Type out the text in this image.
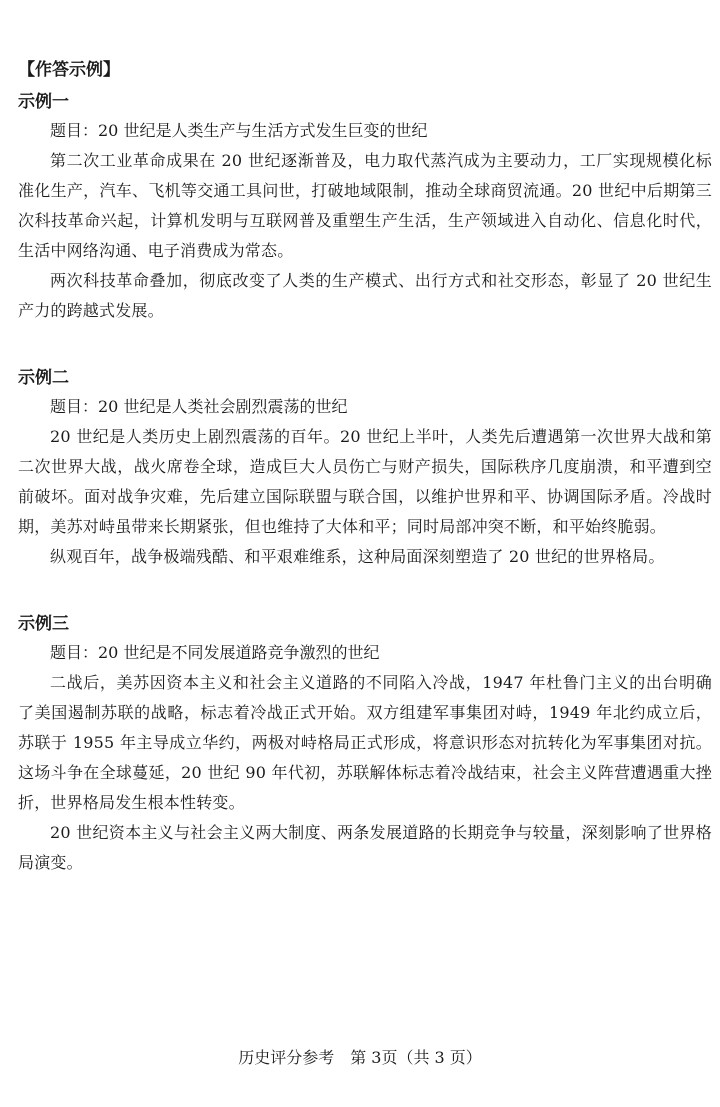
【作答示例】

示例一

题目：20 世纪是人类生产与生活方式发生巨变的世纪

第二次工业革命成果在 20 世纪逐渐普及，电力取代蒸汽成为主要动力，工厂实现规模化标准化生产，汽车、飞机等交通工具问世，打破地域限制，推动全球商贸流通。20 世纪中后期第三次科技革命兴起，计算机发明与互联网普及重塑生产生活，生产领域进入自动化、信息化时代，生活中网络沟通、电子消费成为常态。

两次科技革命叠加，彻底改变了人类的生产模式、出行方式和社交形态，彰显了 20 世纪生产力的跨越式发展。

示例二

题目：20 世纪是人类社会剧烈震荡的世纪

20 世纪是人类历史上剧烈震荡的百年。20 世纪上半叶，人类先后遭遇第一次世界大战和第二次世界大战，战火席卷全球，造成巨大人员伤亡与财产损失，国际秩序几度崩溃，和平遭到空前破坏。面对战争灾难，先后建立国际联盟与联合国，以维护世界和平、协调国际矛盾。冷战时期，美苏对峙虽带来长期紧张，但也维持了大体和平；同时局部冲突不断，和平始终脆弱。

纵观百年，战争极端残酷、和平艰难维系，这种局面深刻塑造了 20 世纪的世界格局。

示例三

题目：20 世纪是不同发展道路竞争激烈的世纪

二战后，美苏因资本主义和社会主义道路的不同陷入冷战，1947 年杜鲁门主义的出台明确了美国遏制苏联的战略，标志着冷战正式开始。双方组建军事集团对峙，1949 年北约成立后，苏联于 1955 年主导成立华约，两极对峙格局正式形成，将意识形态对抗转化为军事集团对抗。这场斗争在全球蔓延，20 世纪 90 年代初，苏联解体标志着冷战结束，社会主义阵营遭遇重大挫折，世界格局发生根本性转变。

20 世纪资本主义与社会主义两大制度、两条发展道路的长期竞争与较量，深刻影响了世界格局演变。

历史评分参考　第 3页（共 3 页）
